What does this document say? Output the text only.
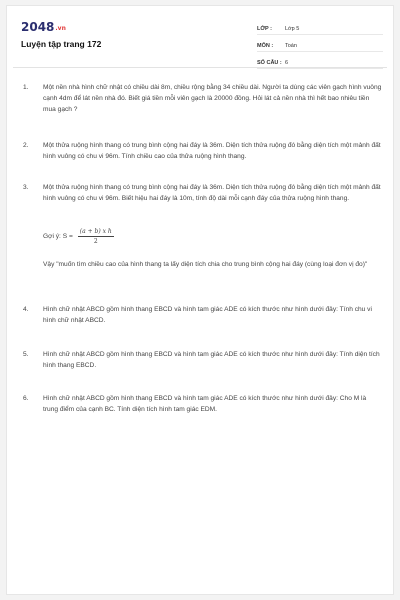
2048.vn
Luyện tập trang 172
LỚP :	Lớp 5
MÔN :	Toán
SỐ CÂU : 6
1. Một nền nhà hình chữ nhật có chiều dài 8m, chiều rộng bằng 34 chiều dài. Người ta dùng các viên gạch hình vuông cạnh 4dm để lát nền nhà đó. Biết giá tiền mỗi viên gạch là 20000 đồng. Hỏi lát cả nền nhà thì hết bao nhiêu tiền mua gạch ?
2. Một thửa ruộng hình thang có trung bình cộng hai đáy là 36m. Diện tích thửa ruộng đó bằng diện tích một mảnh đất hình vuông có chu vi 96m. Tính chiều cao của thửa ruộng hình thang.
3. Một thửa ruộng hình thang có trung bình cộng hai đáy là 36m. Diện tích thửa ruộng đó bằng diện tích một mảnh đất hình vuông có chu vi 96m. Biết hiệu hai đáy là 10m, tính độ dài mỗi cạnh đáy của thửa ruộng hình thang.
Gợi ý: $S = \frac{\text{(a + b) x h}}{2}$
Vậy "muốn tìm chiều cao của hình thang ta lấy diện tích chia cho trung bình cộng hai đáy (cùng loại đơn vị đo)"
4. Hình chữ nhật ABCD gồm hình thang EBCD và hình tam giác ADE có kích thước như hình dưới đây: Tính chu vi hình chữ nhật ABCD.
5. Hình chữ nhật ABCD gồm hình thang EBCD và hình tam giác ADE có kích thước như hình dưới đây: Tính diện tích hình thang EBCD.
6. Hình chữ nhật ABCD gồm hình thang EBCD và hình tam giác ADE có kích thước như hình dưới đây: Cho M là trung điểm của cạnh BC. Tính diện tích hình tam giác EDM.
